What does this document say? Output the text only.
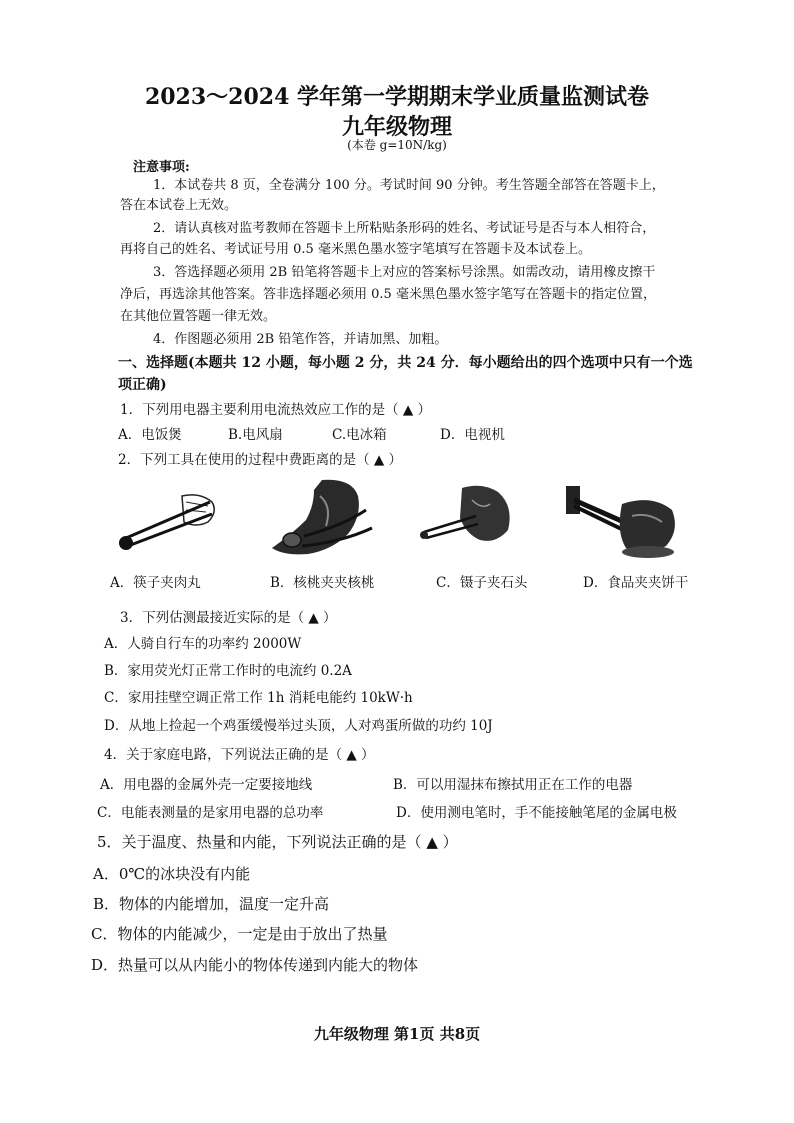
2023～2024 学年第一学期期末学业质量监测试卷
九年级物理
(本卷 g=10N/kg)
注意事项:
1．本试卷共 8 页，全卷满分 100 分。考试时间 90 分钟。考生答题全部答在答题卡上，
答在本试卷上无效。
2．请认真核对监考教师在答题卡上所粘贴条形码的姓名、考试证号是否与本人相符合，
再将自己的姓名、考试证号用 0.5 毫米黑色墨水签字笔填写在答题卡及本试卷上。
3．答选择题必须用 2B 铅笔将答题卡上对应的答案标号涂黑。如需改动，请用橡皮擦干
净后，再选涂其他答案。答非选择题必须用 0.5 毫米黑色墨水签字笔写在答题卡的指定位置，
在其他位置答题一律无效。
4．作图题必须用 2B 铅笔作答，并请加黑、加粗。
一、选择题(本题共 12 小题，每小题 2 分，共 24 分．每小题给出的四个选项中只有一个选
项正确)
1．下列用电器主要利用电流热效应工作的是（ ▲ ）
A．电饭煲	B.电风扇	C.电冰箱	D．电视机
2．下列工具在使用的过程中费距离的是（ ▲ ）
A．筷子夹肉丸	B．核桃夹夹核桃	C．镊子夹石头	D．食品夹夹饼干
3．下列估测最接近实际的是（ ▲ ）
A．人骑自行车的功率约 2000W
B．家用荧光灯正常工作时的电流约 0.2A
C．家用挂壁空调正常工作 1h 消耗电能约 10kW·h
D．从地上捡起一个鸡蛋缓慢举过头顶，人对鸡蛋所做的功约 10J
4．关于家庭电路，下列说法正确的是（ ▲ ）
A．用电器的金属外壳一定要接地线	B．可以用湿抹布擦拭用正在工作的电器
C．电能表测量的是家用电器的总功率	D．使用测电笔时，手不能接触笔尾的金属电极
5．关于温度、热量和内能，下列说法正确的是（ ▲ ）
A．0℃的冰块没有内能
B．物体的内能增加，温度一定升高
C．物体的内能减少，一定是由于放出了热量
D．热量可以从内能小的物体传递到内能大的物体
九年级物理 第1页 共8页
